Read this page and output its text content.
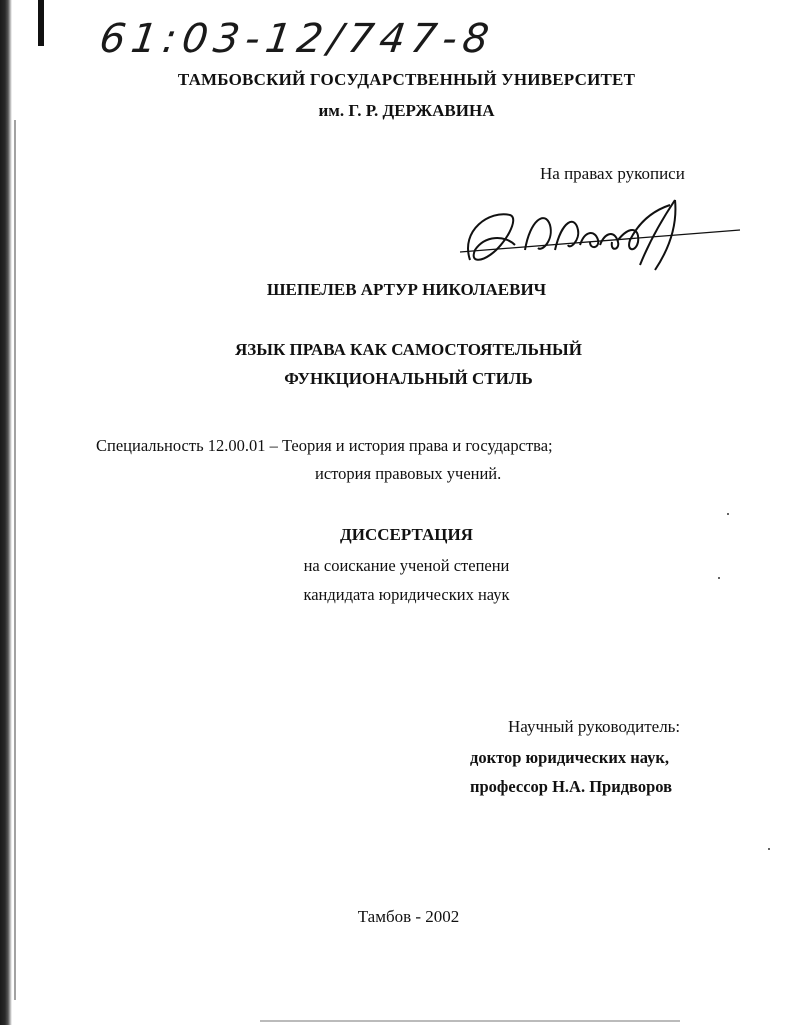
61:03-12/747-8
ТАМБОВСКИЙ ГОСУДАРСТВЕННЫЙ УНИВЕРСИТЕТ
им. Г. Р. ДЕРЖАВИНА
На правах рукописи
ШЕПЕЛЕВ АРТУР НИКОЛАЕВИЧ
ЯЗЫК ПРАВА КАК САМОСТОЯТЕЛЬНЫЙ
ФУНКЦИОНАЛЬНЫЙ СТИЛЬ
Специальность 12.00.01 – Теория и история права и государства;
история правовых учений.
ДИССЕРТАЦИЯ
на соискание ученой степени
кандидата юридических наук
Научный руководитель:
доктор юридических наук,
профессор Н.А. Придворов
Тамбов - 2002
